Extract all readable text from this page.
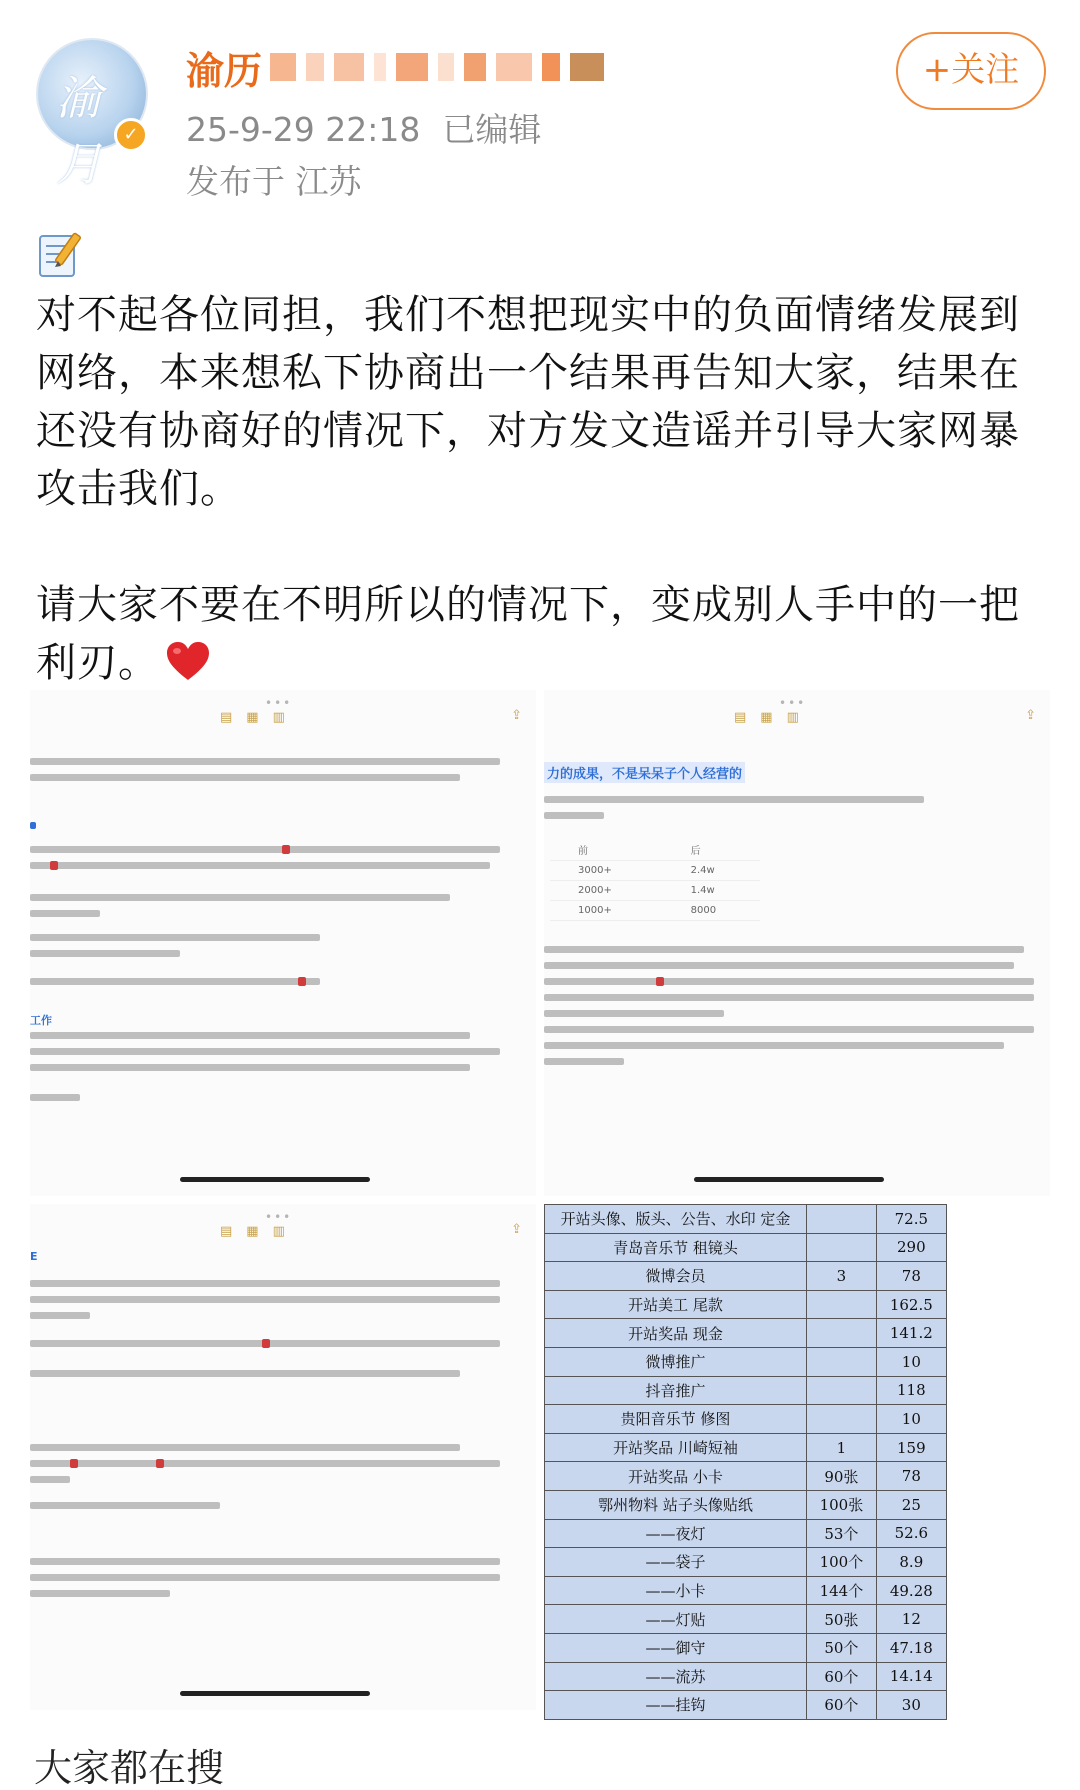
渝月
✓
渝历
25-9-29 22:18 已编辑
发布于 江苏
+关注

对不起各位同担，我们不想把现实中的负面情绪发展到网络，本来想私下协商出一个结果再告知大家，结果在还没有协商好的情况下，对方发文造谣并引导大家网暴攻击我们。

请大家不要在不明所以的情况下，变成别人手中的一把利刃。

•••
▤▦▥	⇪
工作
•••
▤▦▥	⇪
力的成果，不是呆呆子个人经营的
前	后
3000+	2.4w
2000+	1.4w
1000+	8000
•••
▤▦▥	⇪
E
开站头像、版头、公告、水印 定金		72.5	
青岛音乐节 租镜头		290	
微博会员	3	78	
开站美工 尾款		162.5	
开站奖品 现金		141.2	
微博推广		10	
抖音推广		118	
贵阳音乐节 修图		10	
开站奖品 川崎短袖	1	159	
开站奖品 小卡	90张	78	
鄂州物料 站子头像贴纸	100张	25	
——夜灯	53个	52.6	
——袋子	100个	8.9	
——小卡	144个	49.28	
——灯贴	50张	12	
——御守	50个	47.18	
——流苏	60个	14.14	
——挂钩	60个	30	
大家都在搜
